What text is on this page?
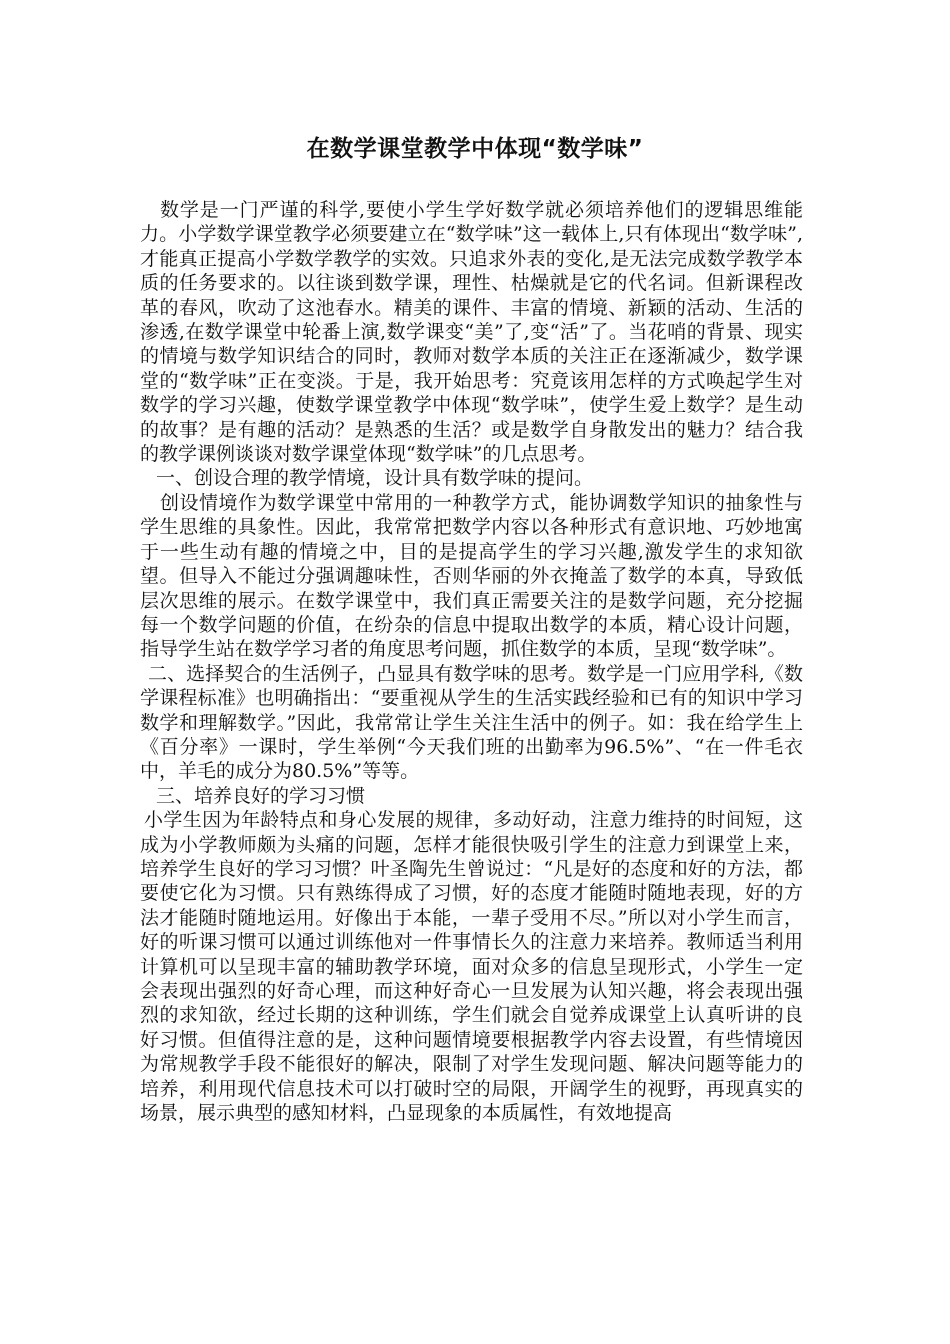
在数学课堂教学中体现“数学味”

数学是一门严谨的科学,要使小学生学好数学就必须培养他们的逻辑思维能力。小学数学课堂教学必须要建立在“数学味”这一载体上,只有体现出“数学味”,才能真正提高小学数学教学的实效。只追求外表的变化,是无法完成数学教学本质的任务要求的。以往谈到数学课，理性、枯燥就是它的代名词。但新课程改革的春风，吹动了这池春水。精美的课件、丰富的情境、新颖的活动、生活的渗透,在数学课堂中轮番上演,数学课变“美”了,变“活”了。当花哨的背景、现实的情境与数学知识结合的同时，教师对数学本质的关注正在逐渐减少，数学课堂的“数学味”正在变淡。于是，我开始思考：究竟该用怎样的方式唤起学生对数学的学习兴趣，使数学课堂教学中体现“数学味”，使学生爱上数学？是生动的故事？是有趣的活动？是熟悉的生活？或是数学自身散发出的魅力？结合我的教学课例谈谈对数学课堂体现“数学味”的几点思考。

一、创设合理的教学情境，设计具有数学味的提问。

创设情境作为数学课堂中常用的一种教学方式，能协调数学知识的抽象性与学生思维的具象性。因此，我常常把数学内容以各种形式有意识地、巧妙地寓于一些生动有趣的情境之中，目的是提高学生的学习兴趣,激发学生的求知欲望。但导入不能过分强调趣味性，否则华丽的外衣掩盖了数学的本真，导致低层次思维的展示。在数学课堂中，我们真正需要关注的是数学问题，充分挖掘每一个数学问题的价值，在纷杂的信息中提取出数学的本质，精心设计问题，指导学生站在数学学习者的角度思考问题，抓住数学的本质，呈现“数学味”。

二、选择契合的生活例子，凸显具有数学味的思考。数学是一门应用学科,《数学课程标准》也明确指出：“要重视从学生的生活实践经验和已有的知识中学习数学和理解数学。”因此，我常常让学生关注生活中的例子。如：我在给学生上《百分率》一课时，学生举例“今天我们班的出勤率为96.5%”、“在一件毛衣中，羊毛的成分为80.5%”等等。

三、培养良好的学习习惯

小学生因为年龄特点和身心发展的规律，多动好动，注意力维持的时间短，这成为小学教师颇为头痛的问题，怎样才能很快吸引学生的注意力到课堂上来，培养学生良好的学习习惯？叶圣陶先生曾说过：“凡是好的态度和好的方法，都要使它化为习惯。只有熟练得成了习惯，好的态度才能随时随地表现，好的方法才能随时随地运用。好像出于本能，一辈子受用不尽。”所以对小学生而言，好的听课习惯可以通过训练他对一件事情长久的注意力来培养。教师适当利用计算机可以呈现丰富的辅助教学环境，面对众多的信息呈现形式，小学生一定会表现出强烈的好奇心理，而这种好奇心一旦发展为认知兴趣，将会表现出强烈的求知欲，经过长期的这种训练，学生们就会自觉养成课堂上认真听讲的良好习惯。但值得注意的是，这种问题情境要根据教学内容去设置，有些情境因为常规教学手段不能很好的解决，限制了对学生发现问题、解决问题等能力的培养，利用现代信息技术可以打破时空的局限，开阔学生的视野，再现真实的场景，展示典型的感知材料，凸显现象的本质属性，有效地提高
